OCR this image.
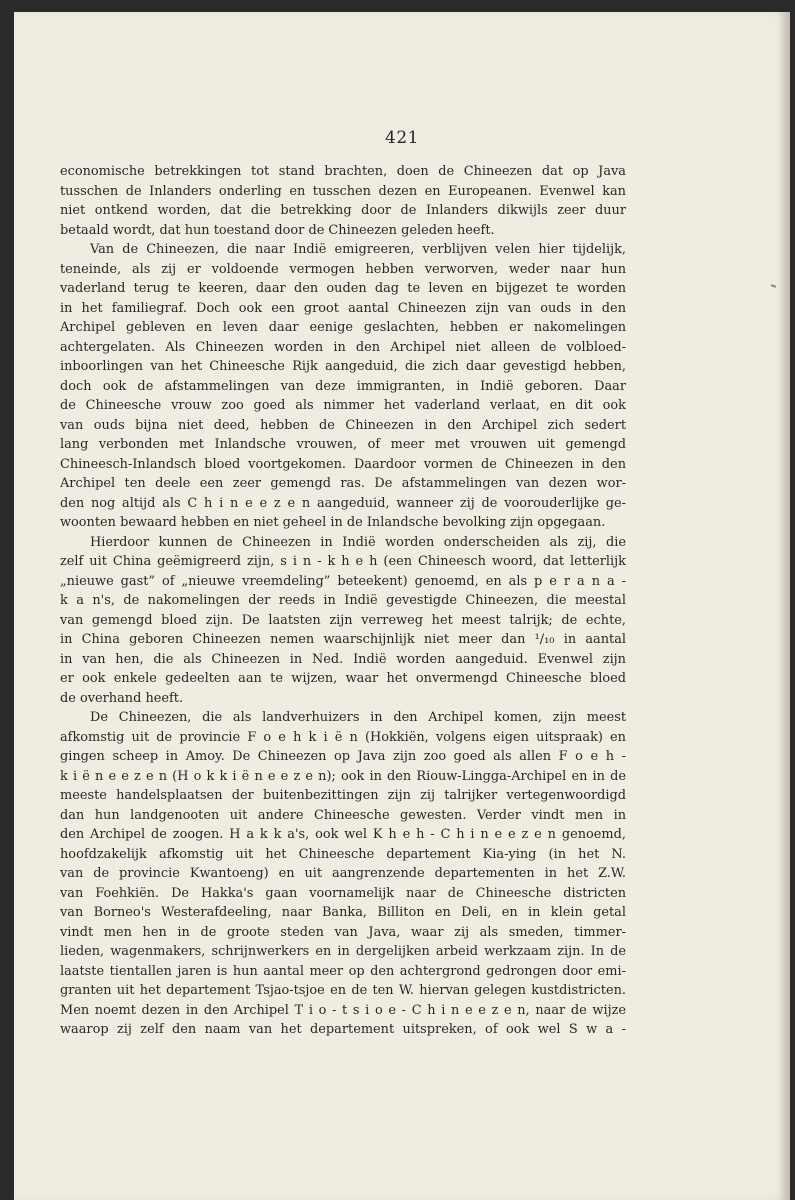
421
economische betrekkingen tot stand brachten, doen de Chineezen dat op Java
tusschen de Inlanders onderling en tusschen dezen en Europeanen. Evenwel kan
niet ontkend worden, dat die betrekking door de Inlanders dikwijls zeer duur
betaald wordt, dat hun toestand door de Chineezen geleden heeft.
Van de Chineezen, die naar Indië emigreeren, verblijven velen hier tijdelijk,
teneinde, als zij er voldoende vermogen hebben verworven, weder naar hun
vaderland terug te keeren, daar den ouden dag te leven en bijgezet te worden
in het familiegraf. Doch ook een groot aantal Chineezen zijn van ouds in den
Archipel gebleven en leven daar eenige geslachten, hebben er nakomelingen
achtergelaten. Als Chineezen worden in den Archipel niet alleen de volbloed-
inboorlingen van het Chineesche Rijk aangeduid, die zich daar gevestigd hebben,
doch ook de afstammelingen van deze immigranten, in Indië geboren. Daar
de Chineesche vrouw zoo goed als nimmer het vaderland verlaat, en dit ook
van ouds bijna niet deed, hebben de Chineezen in den Archipel zich sedert
lang verbonden met Inlandsche vrouwen, of meer met vrouwen uit gemengd
Chineesch-Inlandsch bloed voortgekomen. Daardoor vormen de Chineezen in den
Archipel ten deele een zeer gemengd ras. De afstammelingen van dezen wor-
den nog altijd als C h i n e e z e n aangeduid, wanneer zij de voorouderlijke ge-
woonten bewaard hebben en niet geheel in de Inlandsche bevolking zijn opgegaan.
Hierdoor kunnen de Chineezen in Indië worden onderscheiden als zij, die
zelf uit China geëmigreerd zijn, s i n - k h e h (een Chineesch woord, dat letterlijk
„nieuwe gast” of „nieuwe vreemdeling” beteekent) genoemd, en als p e r a n a -
k a n's, de nakomelingen der reeds in Indië gevestigde Chineezen, die meestal
van gemengd bloed zijn. De laatsten zijn verreweg het meest talrijk; de echte,
in China geboren Chineezen nemen waarschijnlijk niet meer dan ¹/₁₀ in aantal
in van hen, die als Chineezen in Ned. Indië worden aangeduid. Evenwel zijn
er ook enkele gedeelten aan te wijzen, waar het onvermengd Chineesche bloed
de overhand heeft.
De Chineezen, die als landverhuizers in den Archipel komen, zijn meest
afkomstig uit de provincie F o e h k i ë n (Hokkiën, volgens eigen uitspraak) en
gingen scheep in Amoy. De Chineezen op Java zijn zoo goed als allen F o e h -
k i ë n e e z e n (H o k k i ë n e e z e n); ook in den Riouw-Lingga-Archipel en in de
meeste handelsplaatsen der buitenbezittingen zijn zij talrijker vertegenwoordigd
dan hun landgenooten uit andere Chineesche gewesten. Verder vindt men in
den Archipel de zoogen. H a k k a's, ook wel K h e h - C h i n e e z e n genoemd,
hoofdzakelijk afkomstig uit het Chineesche departement Kia-ying (in het N.
van de provincie Kwantoeng) en uit aangrenzende departementen in het Z.W.
van Foehkiën. De Hakka's gaan voornamelijk naar de Chineesche districten
van Borneo's Westerafdeeling, naar Banka, Billiton en Deli, en in klein getal
vindt men hen in de groote steden van Java, waar zij als smeden, timmer-
lieden, wagenmakers, schrijnwerkers en in dergelijken arbeid werkzaam zijn. In de
laatste tientallen jaren is hun aantal meer op den achtergrond gedrongen door emi-
granten uit het departement Tsjao-tsjoe en de ten W. hiervan gelegen kustdistricten.
Men noemt dezen in den Archipel T i o - t s i o e - C h i n e e z e n, naar de wijze
waarop zij zelf den naam van het departement uitspreken, of ook wel S w a -
